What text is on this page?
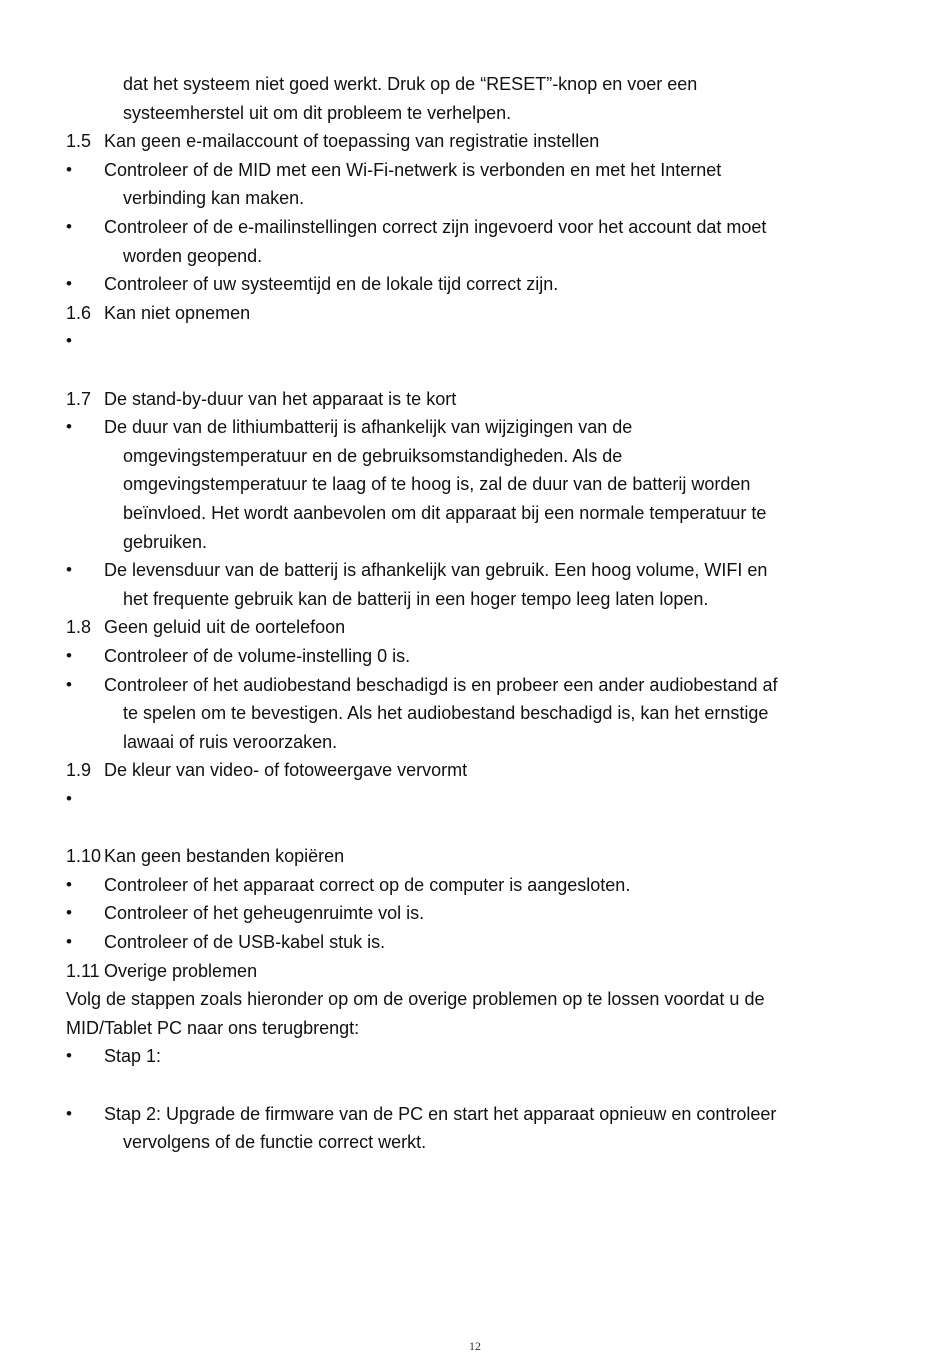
dat het systeem niet goed werkt. Druk op de “RESET”-knop en voer een
systeemherstel uit om dit probleem te verhelpen.
1.5 Kan geen e-mailaccount of toepassing van registratie instellen
• Controleer of de MID met een Wi-Fi-netwerk is verbonden en met het Internet
verbinding kan maken.
• Controleer of de e-mailinstellingen correct zijn ingevoerd voor het account dat moet
worden geopend.
• Controleer of uw systeemtijd en de lokale tijd correct zijn.
1.6 Kan niet opnemen
•
1.7 De stand-by-duur van het apparaat is te kort
• De duur van de lithiumbatterij is afhankelijk van wijzigingen van de
omgevingstemperatuur en de gebruiksomstandigheden. Als de
omgevingstemperatuur te laag of te hoog is, zal de duur van de batterij worden
beïnvloed. Het wordt aanbevolen om dit apparaat bij een normale temperatuur te
gebruiken.
• De levensduur van de batterij is afhankelijk van gebruik. Een hoog volume, WIFI en
het frequente gebruik kan de batterij in een hoger tempo leeg laten lopen.
1.8 Geen geluid uit de oortelefoon
• Controleer of de volume-instelling 0 is.
• Controleer of het audiobestand beschadigd is en probeer een ander audiobestand af
te spelen om te bevestigen. Als het audiobestand beschadigd is, kan het ernstige
lawaai of ruis veroorzaken.
1.9 De kleur van video- of fotoweergave vervormt
•
1.10 Kan geen bestanden kopiëren
• Controleer of het apparaat correct op de computer is aangesloten.
• Controleer of het geheugenruimte vol is.
• Controleer of de USB-kabel stuk is.
1.11 Overige problemen
Volg de stappen zoals hieronder op om de overige problemen op te lossen voordat u de
MID/Tablet PC naar ons terugbrengt:
• Stap 1:
• Stap 2: Upgrade de firmware van de PC en start het apparaat opnieuw en controleer
vervolgens of de functie correct werkt.
12
